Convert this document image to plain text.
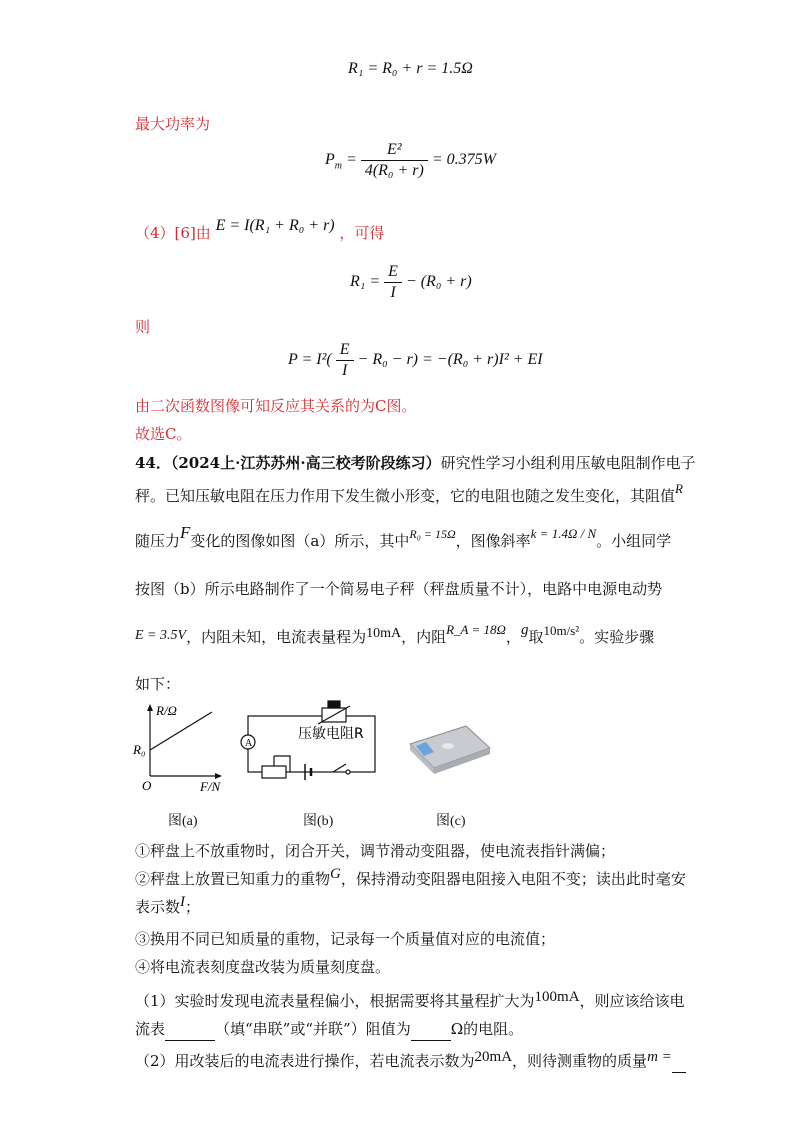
R₁ = R₀ + r = 1.5Ω
最大功率为
$P_m = \frac{\text{E²}}{\text{4(R₀ + r)}} = 0.375W$
（4）[6]由 E = I(R₁ + R₀ + r) ，可得
$R_1 = \frac{E}{I} - (R_0 + r)$
则
$P = I^2( \frac{E}{I} - R_0 - r) = -(R_0 + r)I^2$ + EI
由二次函数图像可知反应其关系的为C图。
故选C。
44．（2024上·江苏苏州·高三校考阶段练习）研究性学习小组利用压敏电阻制作电子
秤。已知压敏电阻在压力作用下发生微小形变，它的电阻也随之发生变化，其阻值R
随压力F变化的图像如图（a）所示，其中$^{R_0 = 15\Omega}$，图像斜率k = 1.4Ω / N。小组同学
按图（b）所示电路制作了一个简易电子秤（秤盘质量不计），电路中电源电动势
E = 3.5V，内阻未知，电流表量程为10mA，内阻R_A = 18Ω，g取10m/s²。实验步骤
如下：
R/Ω
R₀
O	F/N
A
压敏电阻R
图(a)	图(b)	图(c)
①秤盘上不放重物时，闭合开关，调节滑动变阻器，使电流表指针满偏；
②秤盘上放置已知重力的重物G，保持滑动变阻器电阻接入电阻不变；读出此时毫安
表示数I；
③换用不同已知质量的重物，记录每一个质量值对应的电流值；
④将电流表刻度盘改装为质量刻度盘。
（1）实验时发现电流表量程偏小，根据需要将其量程扩大为100mA，则应该给该电
流表	（填“串联”或“并联”）阻值为	Ω的电阻。
（2）用改装后的电流表进行操作，若电流表示数为20mA，则待测重物的质量m =
